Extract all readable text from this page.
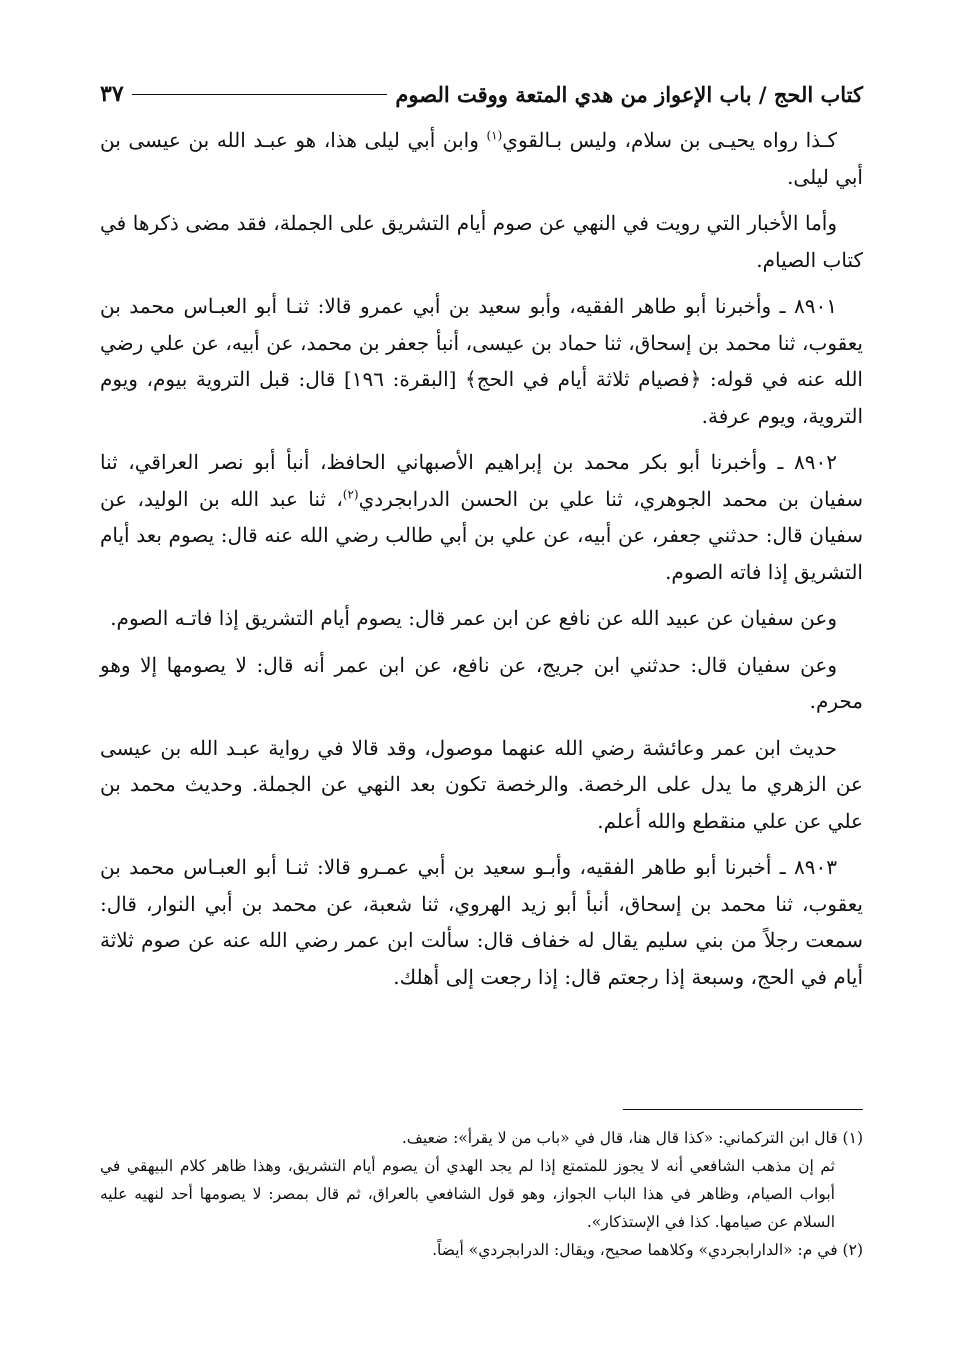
كتاب الحج / باب الإعواز من هدي المتعة ووقت الصوم
٣٧

كـذا رواه يحيـى بن سلام، وليس بـالقوي$^{(١)}$ وابن أبي ليلى هذا، هو عبـد الله بن عيسى بن أبي ليلى.

وأما الأخبار التي رويت في النهي عن صوم أيام التشريق على الجملة، فقد مضى ذكرها في كتاب الصيام.

٨٩٠١ ـ وأخبرنا أبو طاهر الفقيه، وأبو سعيد بن أبي عمرو قالا: ثنـا أبو العبـاس محمد بن يعقوب، ثنا محمد بن إسحاق، ثنا حماد بن عيسى، أنبأ جعفر بن محمد، عن أبيه، عن علي رضي الله عنه في قوله: ﴿فصيام ثلاثة أيام في الحج﴾ [البقرة: ١٩٦] قال: قبل التروية بيوم، ويوم التروية، ويوم عرفة.

٨٩٠٢ ـ وأخبرنا أبو بكر محمد بن إبراهيم الأصبهاني الحافظ، أنبأ أبو نصر العراقي، ثنا سفيان بن محمد الجوهري، ثنا علي بن الحسن الدرابجردي$^{(٢)}$، ثنا عبد الله بن الوليد، عن سفيان قال: حدثني جعفر، عن أبيه، عن علي بن أبي طالب رضي الله عنه قال: يصوم بعد أيام التشريق إذا فاته الصوم.

وعن سفيان عن عبيد الله عن نافع عن ابن عمر قال: يصوم أيام التشريق إذا فاتـه الصوم.

وعن سفيان قال: حدثني ابن جريج، عن نافع، عن ابن عمر أنه قال: لا يصومها إلا وهو محرم.

حديث ابن عمر وعائشة رضي الله عنهما موصول، وقد قالا في رواية عبـد الله بن عيسى عن الزهري ما يدل على الرخصة. والرخصة تكون بعد النهي عن الجملة. وحديث محمد بن علي عن علي منقطع والله أعلم.

٨٩٠٣ ـ أخبرنا أبو طاهر الفقيه، وأبـو سعيد بن أبي عمـرو قالا: ثنـا أبو العبـاس محمد بن يعقوب، ثنا محمد بن إسحاق، أنبأ أبو زيد الهروي، ثنا شعبة، عن محمد بن أبي النوار، قال: سمعت رجلاً من بني سليم يقال له خفاف قال: سألت ابن عمر رضي الله عنه عن صوم ثلاثة أيام في الحج، وسبعة إذا رجعتم قال: إذا رجعت إلى أهلك.

(١) قال ابن التركماني: «كذا قال هنا، قال في «باب من لا يقرأ»: ضعيف.

ثم إن مذهب الشافعي أنه لا يجوز للمتمتع إذا لم يجد الهدي أن يصوم أيام التشريق، وهذا ظاهر كلام البيهقي في أبواب الصيام، وظاهر في هذا الباب الجواز، وهو قول الشافعي بالعراق، ثم قال بمصر: لا يصومها أحد لنهيه عليه السلام عن صيامها. كذا في الإستذكار».

(٢) في م: «الدارابجردي» وكلاهما صحيح، ويقال: الدرابجردي» أيضاً.
